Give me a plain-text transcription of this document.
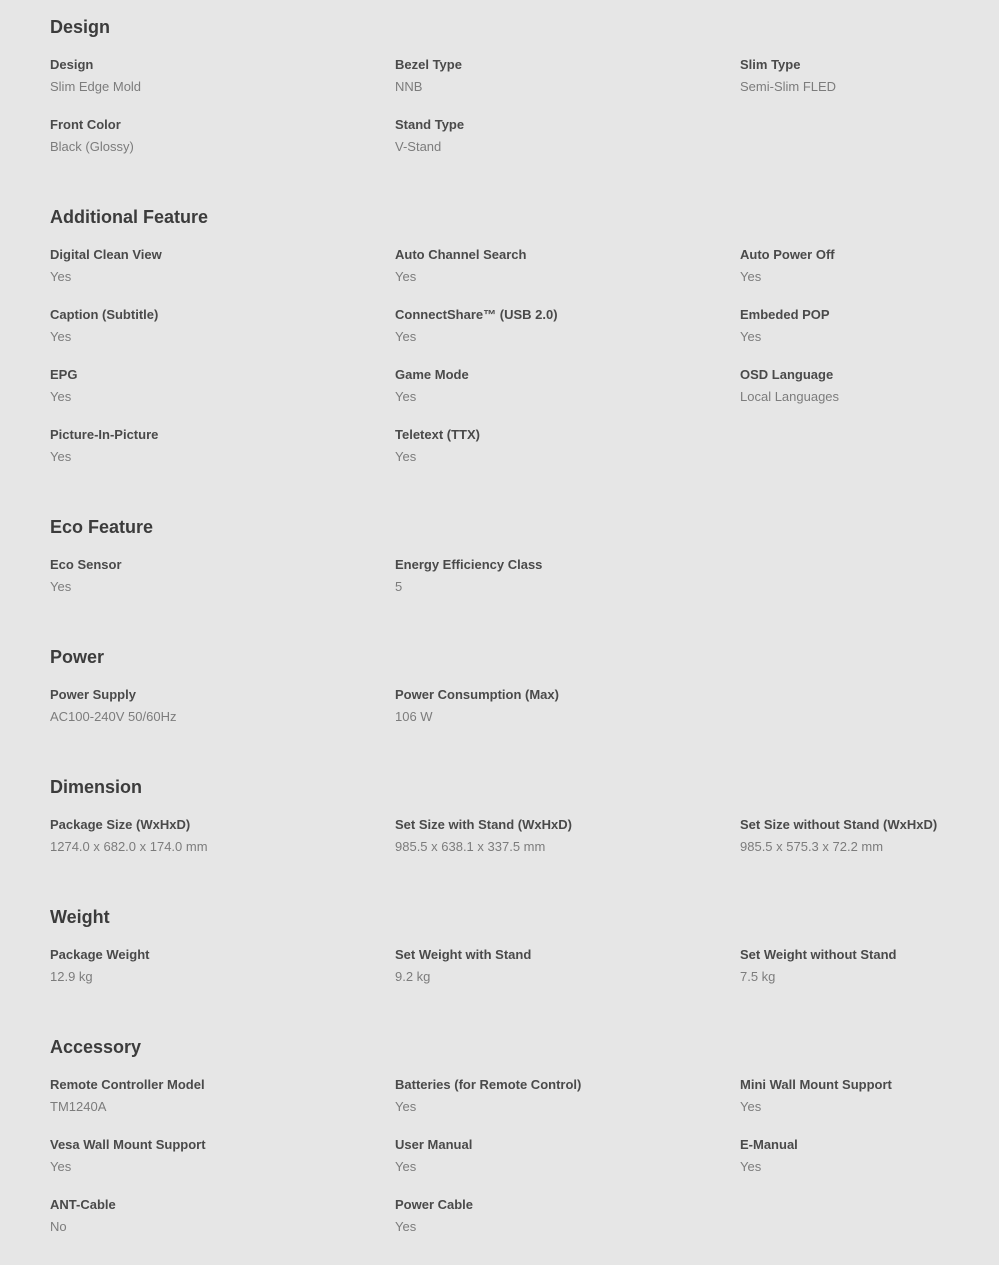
Design
Design
Slim Edge Mold
Bezel Type
NNB
Slim Type
Semi-Slim FLED
Front Color
Black (Glossy)
Stand Type
V-Stand
Additional Feature
Digital Clean View
Yes
Auto Channel Search
Yes
Auto Power Off
Yes
Caption (Subtitle)
Yes
ConnectShare™ (USB 2.0)
Yes
Embeded POP
Yes
EPG
Yes
Game Mode
Yes
OSD Language
Local Languages
Picture-In-Picture
Yes
Teletext (TTX)
Yes
Eco Feature
Eco Sensor
Yes
Energy Efficiency Class
5
Power
Power Supply
AC100-240V 50/60Hz
Power Consumption (Max)
106 W
Dimension
Package Size (WxHxD)
1274.0 x 682.0 x 174.0 mm
Set Size with Stand (WxHxD)
985.5 x 638.1 x 337.5 mm
Set Size without Stand (WxHxD)
985.5 x 575.3 x 72.2 mm
Weight
Package Weight
12.9 kg
Set Weight with Stand
9.2 kg
Set Weight without Stand
7.5 kg
Accessory
Remote Controller Model
TM1240A
Batteries (for Remote Control)
Yes
Mini Wall Mount Support
Yes
Vesa Wall Mount Support
Yes
User Manual
Yes
E-Manual
Yes
ANT-Cable
No
Power Cable
Yes
